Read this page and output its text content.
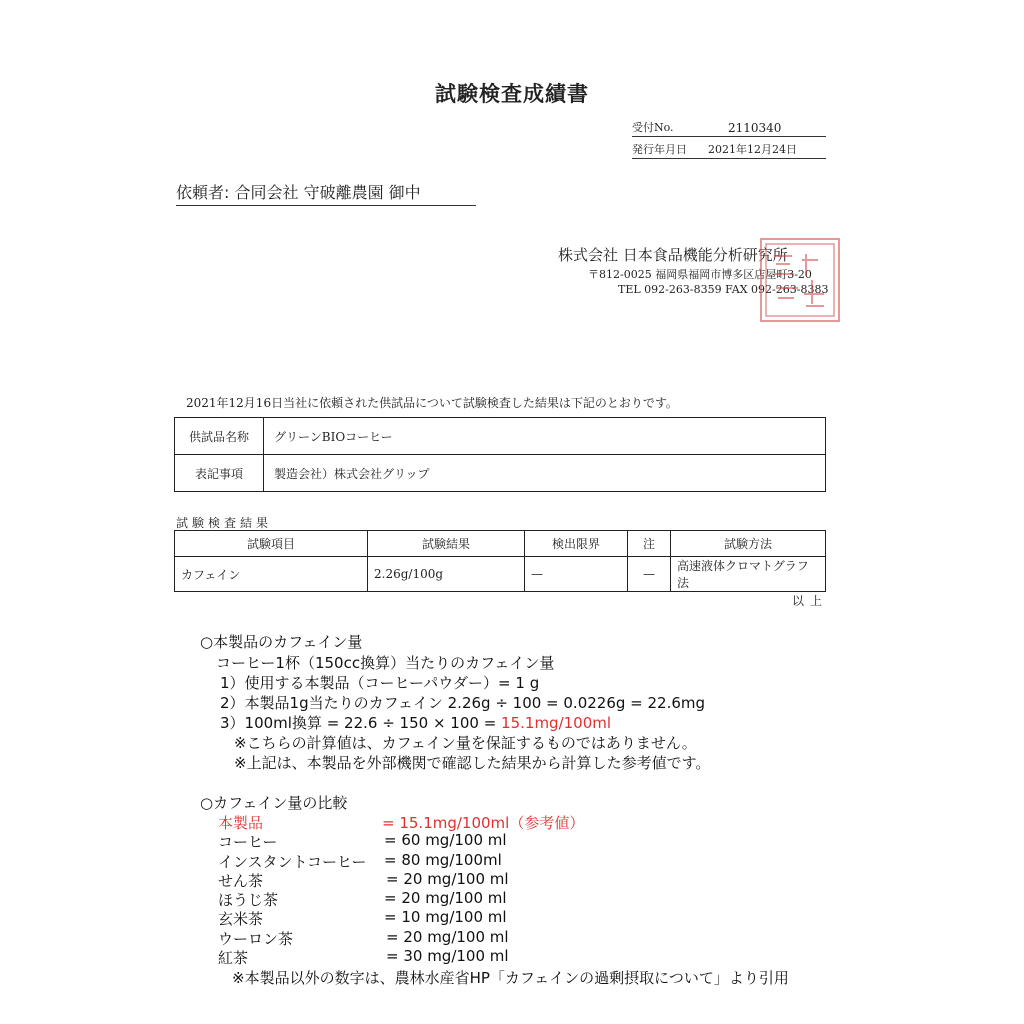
試験検査成績書
受付No.	2110340
発行年月日 2021年12月24日
依頼者: 合同会社 守破離農園 御中
株式会社 日本食品機能分析研究所
〒812-0025 福岡県福岡市博多区店屋町3-20
TEL 092-263-8359 FAX 092-263-8383
2021年12月16日当社に依頼された供試品について試験検査した結果は下記のとおりです。
供試品名称	グリーンBIOコーヒー
表記事項	製造会社）株式会社グリップ
試験検査結果
試験項目	試験結果	検出限界	注	試験方法
カフェイン	2.26g/100g	—	—	高速液体クロマトグラフ法
以上
○本製品のカフェイン量
コーヒー1杯（150cc換算）当たりのカフェイン量
1）使用する本製品（コーヒーパウダー）= 1 g
2）本製品1g当たりのカフェイン 2.26g ÷ 100 = 0.0226g = 22.6mg
3）100ml換算 = 22.6 ÷ 150 × 100 = 15.1mg/100ml
※こちらの計算値は、カフェイン量を保証するものではありません。
※上記は、本製品を外部機関で確認した結果から計算した参考値です。
○カフェイン量の比較
本製品	= 15.1mg/100ml（参考値）
コーヒー	= 60 mg/100 ml
インスタントコーヒー = 80 mg/100ml
せん茶	= 20 mg/100 ml
ほうじ茶	= 20 mg/100 ml
玄米茶	= 10 mg/100 ml
ウーロン茶	= 20 mg/100 ml
紅茶	= 30 mg/100 ml
※本製品以外の数字は、農林水産省HP「カフェインの過剰摂取について」より引用
